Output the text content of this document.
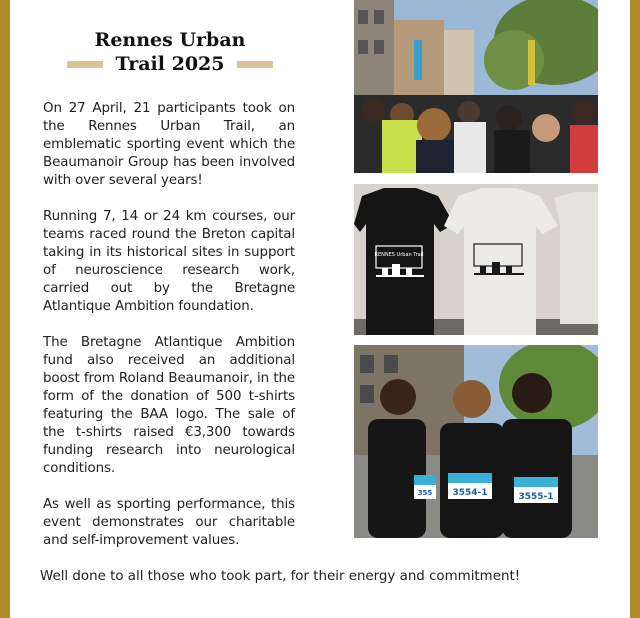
Rennes Urban

Trail 2025

On 27 April, 21 participants took on the Rennes Urban Trail, an emblematic sporting event which the Beaumanoir Group has been involved with over several years!

Running 7, 14 or 24 km courses, our teams raced round the Breton capital taking in its historical sites in support of neuroscience research work, carried out by the Bretagne Atlantique Ambition foundation.

The Bretagne Atlantique Ambition fund also received an additional boost from Roland Beaumanoir, in the form of the donation of 500 t-shirts featuring the BAA logo. The sale of the t-shirts raised €3,300 towards funding research into neurological conditions.

As well as sporting performance, this event demonstrates our charitable and self-improvement values.

Well done to all those who took part, for their energy and commitment!

RENNES Urban Trail
355 3554-1	3555-1
